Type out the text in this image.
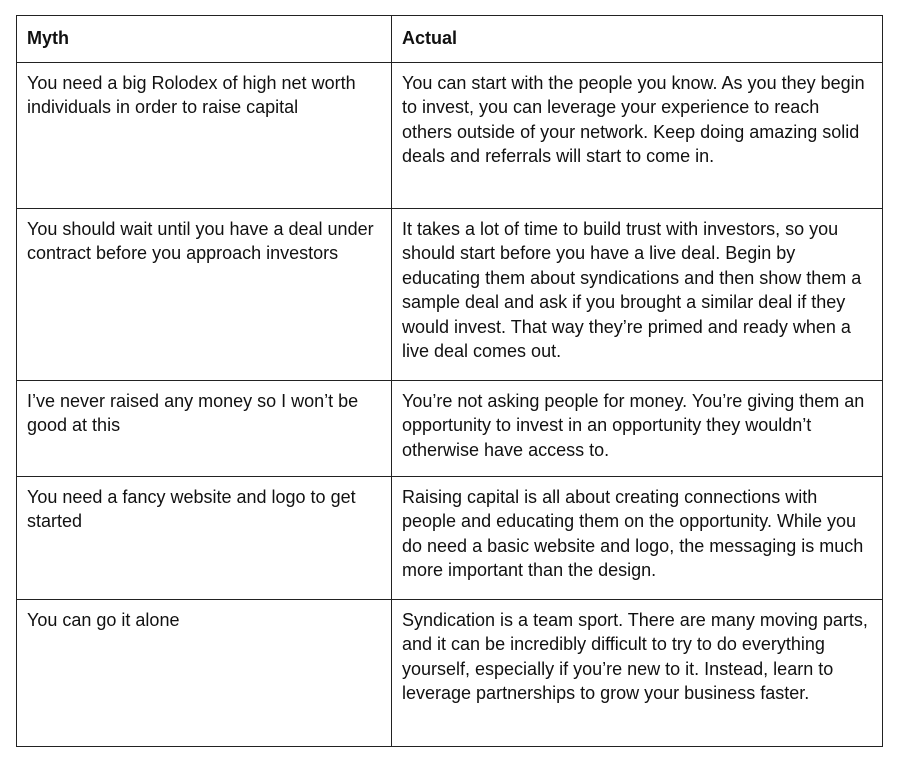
Myth	Actual
You need a big Rolodex of high net worth individuals in order to raise capital	You can start with the people you know. As you they begin to invest, you can leverage your experience to reach others outside of your network. Keep doing amazing solid deals and referrals will start to come in.
You should wait until you have a deal under contract before you approach investors	It takes a lot of time to build trust with investors, so you should start before you have a live deal. Begin by educating them about syndications and then show them a sample deal and ask if you brought a similar deal if they would invest. That way they’re primed and ready when a live deal comes out.
I’ve never raised any money so I won’t be good at this	You’re not asking people for money. You’re giving them an opportunity to invest in an opportunity they wouldn’t otherwise have access to.
You need a fancy website and logo to get started	Raising capital is all about creating connections with people and educating them on the opportunity. While you do need a basic website and logo, the messaging is much more important than the design.
You can go it alone	Syndication is a team sport. There are many moving parts, and it can be incredibly difficult to try to do everything yourself, especially if you’re new to it. Instead, learn to leverage partnerships to grow your business faster.
